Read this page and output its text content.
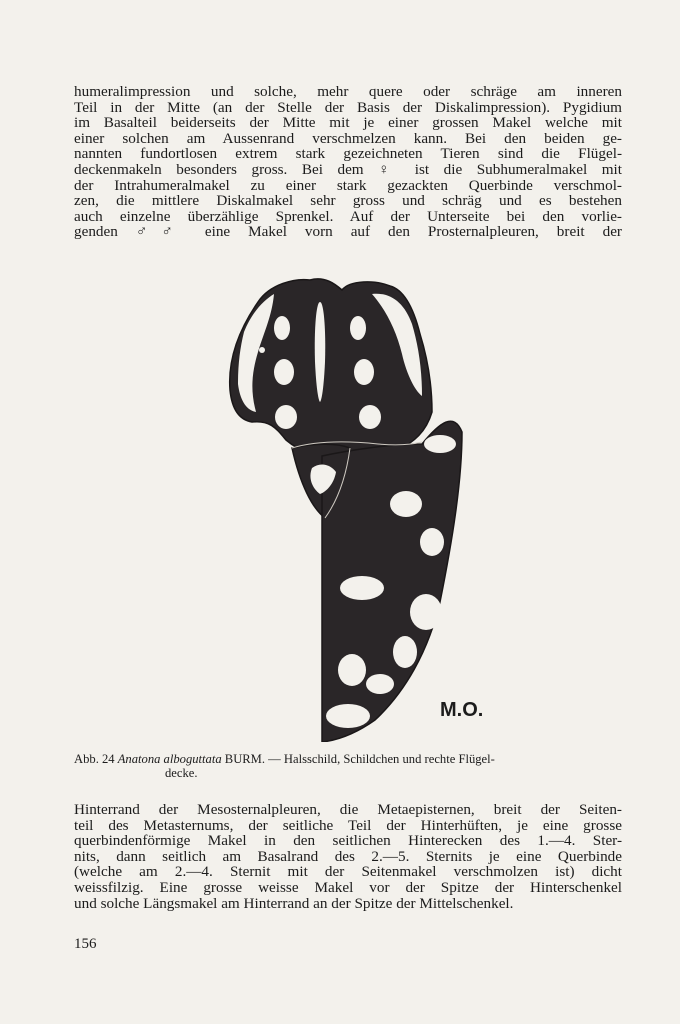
humeralimpression und solche, mehr quere oder schräge am inneren
Teil in der Mitte (an der Stelle der Basis der Diskalimpression). Pygidium
im Basalteil beiderseits der Mitte mit je einer grossen Makel welche mit
einer solchen am Aussenrand verschmelzen kann. Bei den beiden ge-
nannten fundortlosen extrem stark gezeichneten Tieren sind die Flügel-
deckenmakeln besonders gross. Bei dem ♀ ist die Subhumeralmakel mit
der Intrahumeralmakel zu einer stark gezackten Querbinde verschmol-
zen, die mittlere Diskalmakel sehr gross und schräg und es bestehen
auch einzelne überzählige Sprenkel. Auf der Unterseite bei den vorlie-
genden ♂♂ eine Makel vorn auf den Prosternalpleuren, breit der

M.O.

Abb. 24 Anatona alboguttata BURM. — Halsschild, Schildchen und rechte Flügel-
decke.

Hinterrand der Mesosternalpleuren, die Metaepisternen, breit der Seiten-
teil des Metasternums, der seitliche Teil der Hinterhüften, je eine grosse
querbindenförmige Makel in den seitlichen Hinterecken des 1.—4. Ster-
nits, dann seitlich am Basalrand des 2.—5. Sternits je eine Querbinde
(welche am 2.—4. Sternit mit der Seitenmakel verschmolzen ist) dicht
weissfilzig. Eine grosse weisse Makel vor der Spitze der Hinterschenkel
und solche Längsmakel am Hinterrand an der Spitze der Mittelschenkel.

156
